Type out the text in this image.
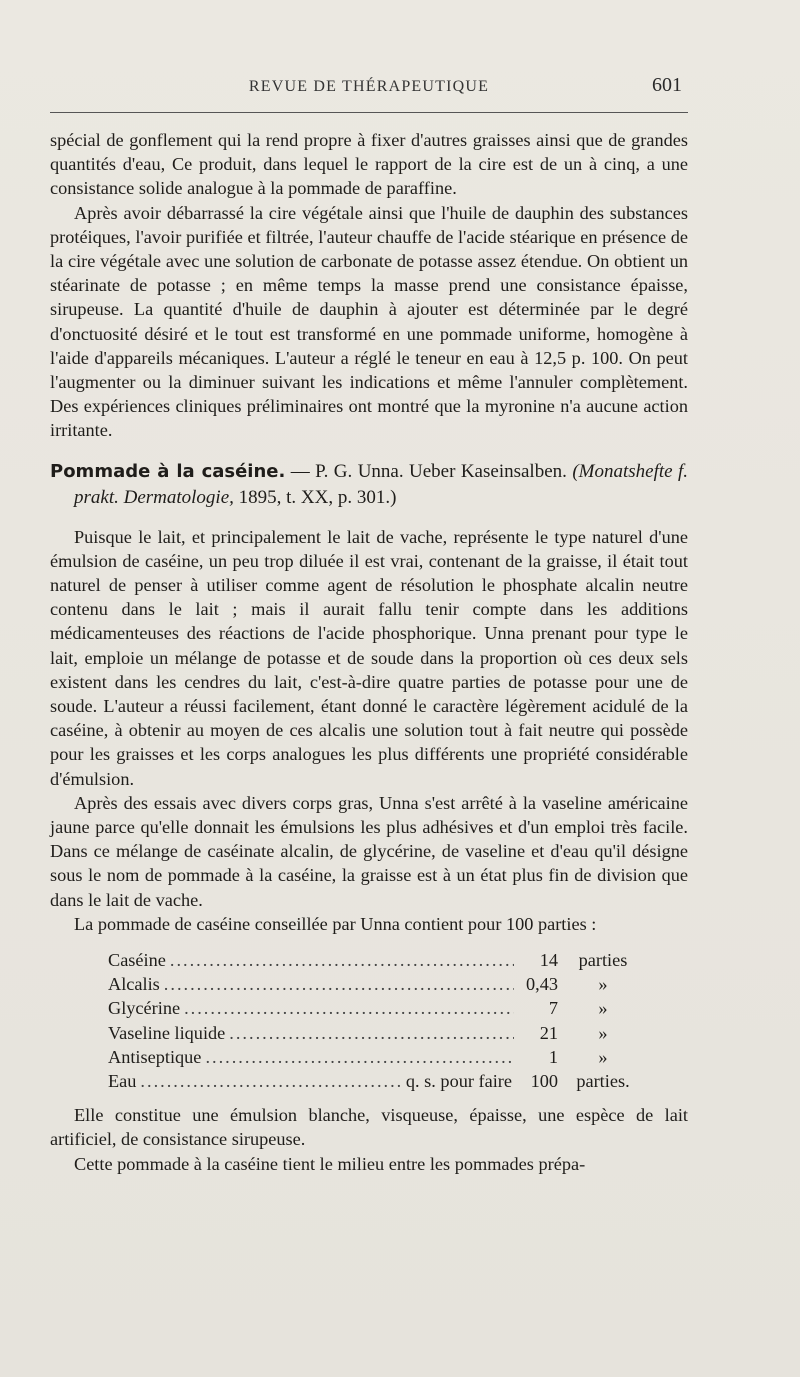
REVUE DE THÉRAPEUTIQUE	601

spécial de gonflement qui la rend propre à fixer d'autres graisses ainsi que de grandes quantités d'eau, Ce produit, dans lequel le rapport de la cire est de un à cinq, a une consistance solide analogue à la pommade de paraffine.

Après avoir débarrassé la cire végétale ainsi que l'huile de dauphin des substances protéiques, l'avoir purifiée et filtrée, l'auteur chauffe de l'acide stéarique en présence de la cire végétale avec une solution de carbonate de potasse assez étendue. On obtient un stéarinate de potasse ; en même temps la masse prend une consistance épaisse, sirupeuse. La quantité d'huile de dauphin à ajouter est déterminée par le degré d'onctuosité désiré et le tout est transformé en une pommade uniforme, homogène à l'aide d'appareils mécaniques. L'auteur a réglé le teneur en eau à 12,5 p. 100. On peut l'augmenter ou la diminuer suivant les indications et même l'annuler complètement. Des expériences cliniques préliminaires ont montré que la myronine n'a aucune action irritante.

Pommade à la caséine. — P. G. Unna. Ueber Kaseinsalben. (Monatshefte f. prakt. Dermatologie, 1895, t. XX, p. 301.)

Puisque le lait, et principalement le lait de vache, représente le type naturel d'une émulsion de caséine, un peu trop diluée il est vrai, contenant de la graisse, il était tout naturel de penser à utiliser comme agent de résolution le phosphate alcalin neutre contenu dans le lait ; mais il aurait fallu tenir compte dans les additions médicamenteuses des réactions de l'acide phosphorique. Unna prenant pour type le lait, emploie un mélange de potasse et de soude dans la proportion où ces deux sels existent dans les cendres du lait, c'est-à-dire quatre parties de potasse pour une de soude. L'auteur a réussi facilement, étant donné le caractère légèrement acidulé de la caséine, à obtenir au moyen de ces alcalis une solution tout à fait neutre qui possède pour les graisses et les corps analogues les plus différents une propriété considérable d'émulsion.

Après des essais avec divers corps gras, Unna s'est arrêté à la vaseline américaine jaune parce qu'elle donnait les émulsions les plus adhésives et d'un emploi très facile. Dans ce mélange de caséinate alcalin, de glycérine, de vaseline et d'eau qu'il désigne sous le nom de pommade à la caséine, la graisse est à un état plus fin de division que dans le lait de vache.

La pommade de caséine conseillée par Unna contient pour 100 parties :

Caséine .....	14	parties
Alcalis .....	0,43	»
Glycérine .....	7	»
Vaseline liquide .....	21	»
Antiseptique .....	1	»
Eau .....	q. s. pour faire	100	parties.

Elle constitue une émulsion blanche, visqueuse, épaisse, une espèce de lait artificiel, de consistance sirupeuse.

Cette pommade à la caséine tient le milieu entre les pommades prépa-
